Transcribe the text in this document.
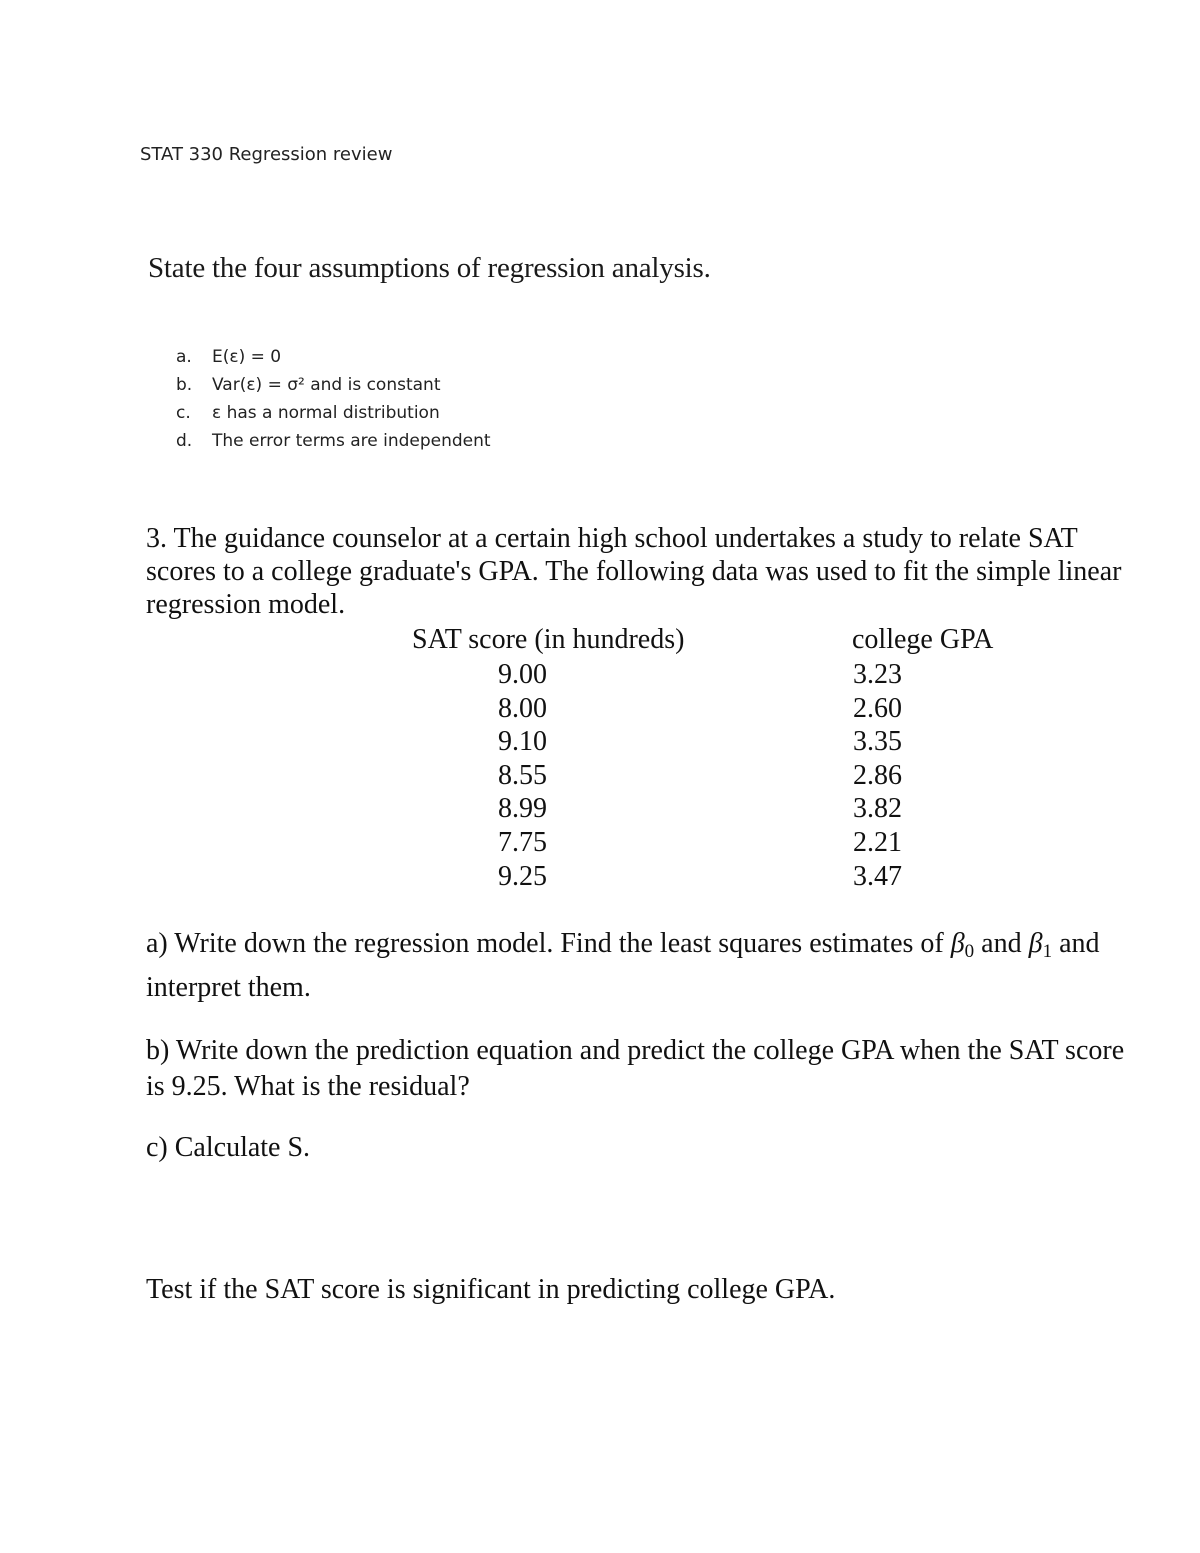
STAT 330 Regression review
State the four assumptions of regression analysis.
a. E(ε) = 0
b. Var(ε) = σ² and is constant
c. ε has a normal distribution
d. The error terms are independent
3. The guidance counselor at a certain high school undertakes a study to relate SAT
scores to a college graduate's GPA. The following data was used to fit the simple linear
regression model.
SAT score (in hundreds)	college GPA
9.00
8.00
9.10
8.55
8.99
7.75
9.25
3.23
2.60
3.35
2.86
3.82
2.21
3.47
a) Write down the regression model. Find the least squares estimates of $\beta_0$ and $\beta_1$ and
interpret them.
b) Write down the prediction equation and predict the college GPA when the SAT score
is 9.25. What is the residual?
c) Calculate S.
Test if the SAT score is significant in predicting college GPA.
